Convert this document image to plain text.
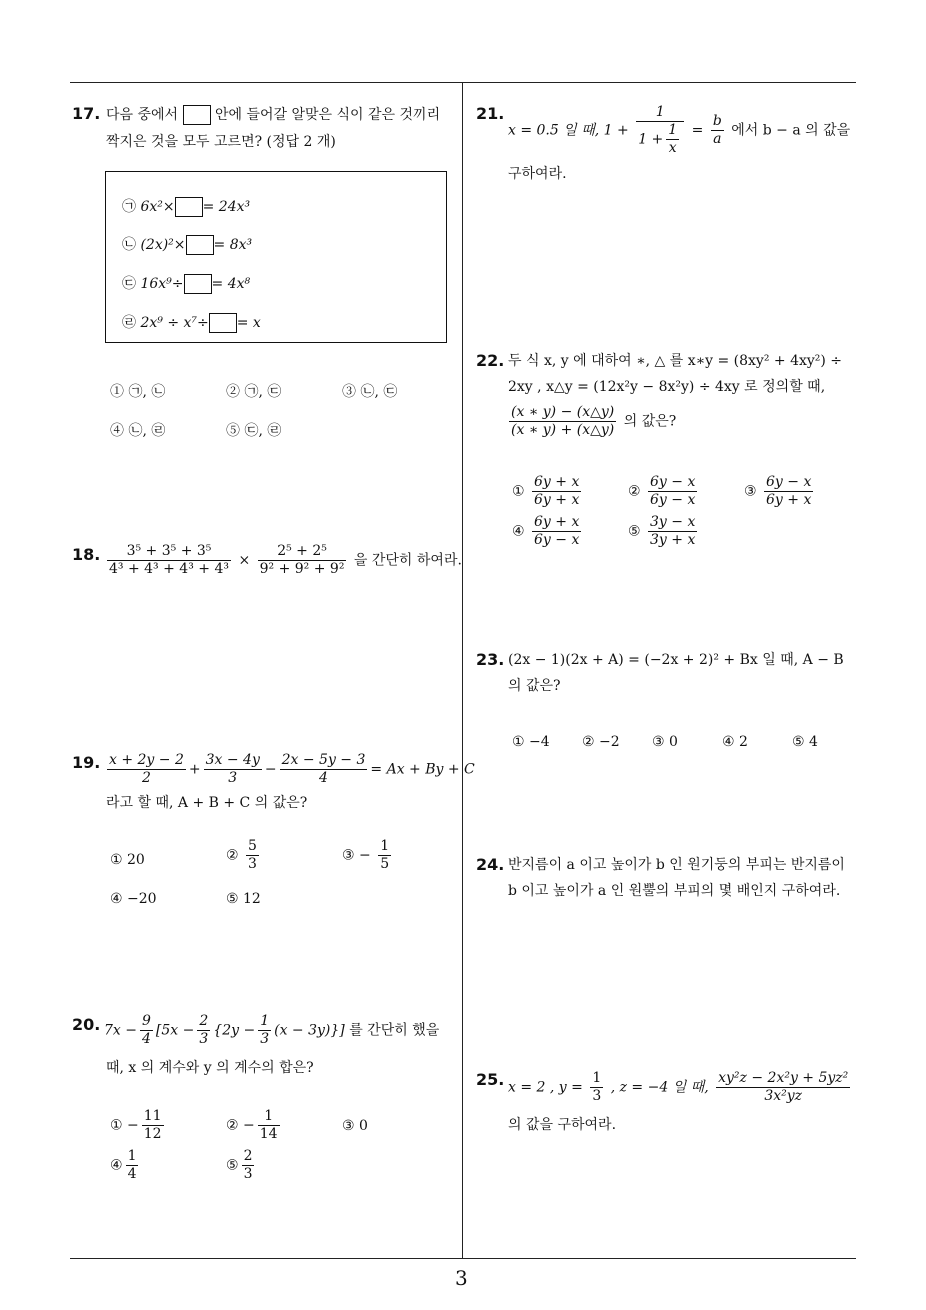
17. 다음 중에서	안에 들어갈 알맞은 식이 같은 것끼리
짝지은 것을 모두 고르면? (정답 2 개)
㉠ 6x²× = 24x³
㉡ (2x)²× = 8x³
㉢ 16x⁹÷ = 4x⁸
㉣ 2x⁹ ÷ x⁷÷ = x
① ㉠, ㉡	② ㉠, ㉢	③ ㉡, ㉢
④ ㉡, ㉣	⑤ ㉢, ㉣
18. $\frac{\text{3⁵ + 3⁵ + 3⁵}}{\text{4³ + 4³ + 4³ + 4³}} \times \frac{\text{2⁵ + 2⁵}}{\text{9² + 9² + 9²}}$ 을 간단히 하여라.
19. $\frac{x + 2y - 2}{2} + \frac{3x - 4y}{3} - \frac{2x - 5y - 3}{4} = Ax + By + C$
라고 할 때, A + B + C 의 값은?
① 20	② $\frac{5}{3}$	③ − $\frac{1}{5}$
④ −20	⑤ 12
20. $7x - \frac{9}{4} [5x - \frac{2}{3} \{2y - \frac{1}{3} (x - 3y)\}]$ 를 간단히 했을
때, x 의 계수와 y 의 계수의 합은?
① − $\frac{11}{12}$	② − $\frac{1}{14}$	③ 0
④ $\frac{1}{4}$	⑤ $\frac{2}{3}$
21.
x = 0.5̇ 일 때, $1 + \frac{1}{1 + \frac{1}{x}} = \frac{b}{a}$ 에서 b − a 의 값을
구하여라.
22. 두 식 x, y 에 대하여 ∗, △ 를 x∗y = (8xy² + 4xy²) ÷
2xy , x△y = (12x²y − 8x²y) ÷ 4xy 로 정의할 때,
$\frac{(x ∗ y) - (x\triangle y)}{(x ∗ y) + (x\triangle y)}$ 의 값은?
① $\frac{6y + x}{6y + x}$	② $\frac{6y - x}{6y - x}$	③ $\frac{6y - x}{6y + x}$
④ $\frac{6y + x}{6y - x}$	⑤ $\frac{3y - x}{3y + x}$
23. (2x − 1)(2x + A) = (−2x + 2)² + Bx 일 때, A − B
의 값은?
① −4 ② −2 ③ 0	④ 2	⑤ 4
24. 반지름이 a 이고 높이가 b 인 원기둥의 부피는 반지름이
b 이고 높이가 a 인 원뿔의 부피의 몇 배인지 구하여라.
25. x = 2 , $y = \frac{1}{3}$ , z = −4 일 때, $\frac{\text{xy²z − 2x²y + 5yz²}}{\text{3x²yz}}$
의 값을 구하여라.
3
